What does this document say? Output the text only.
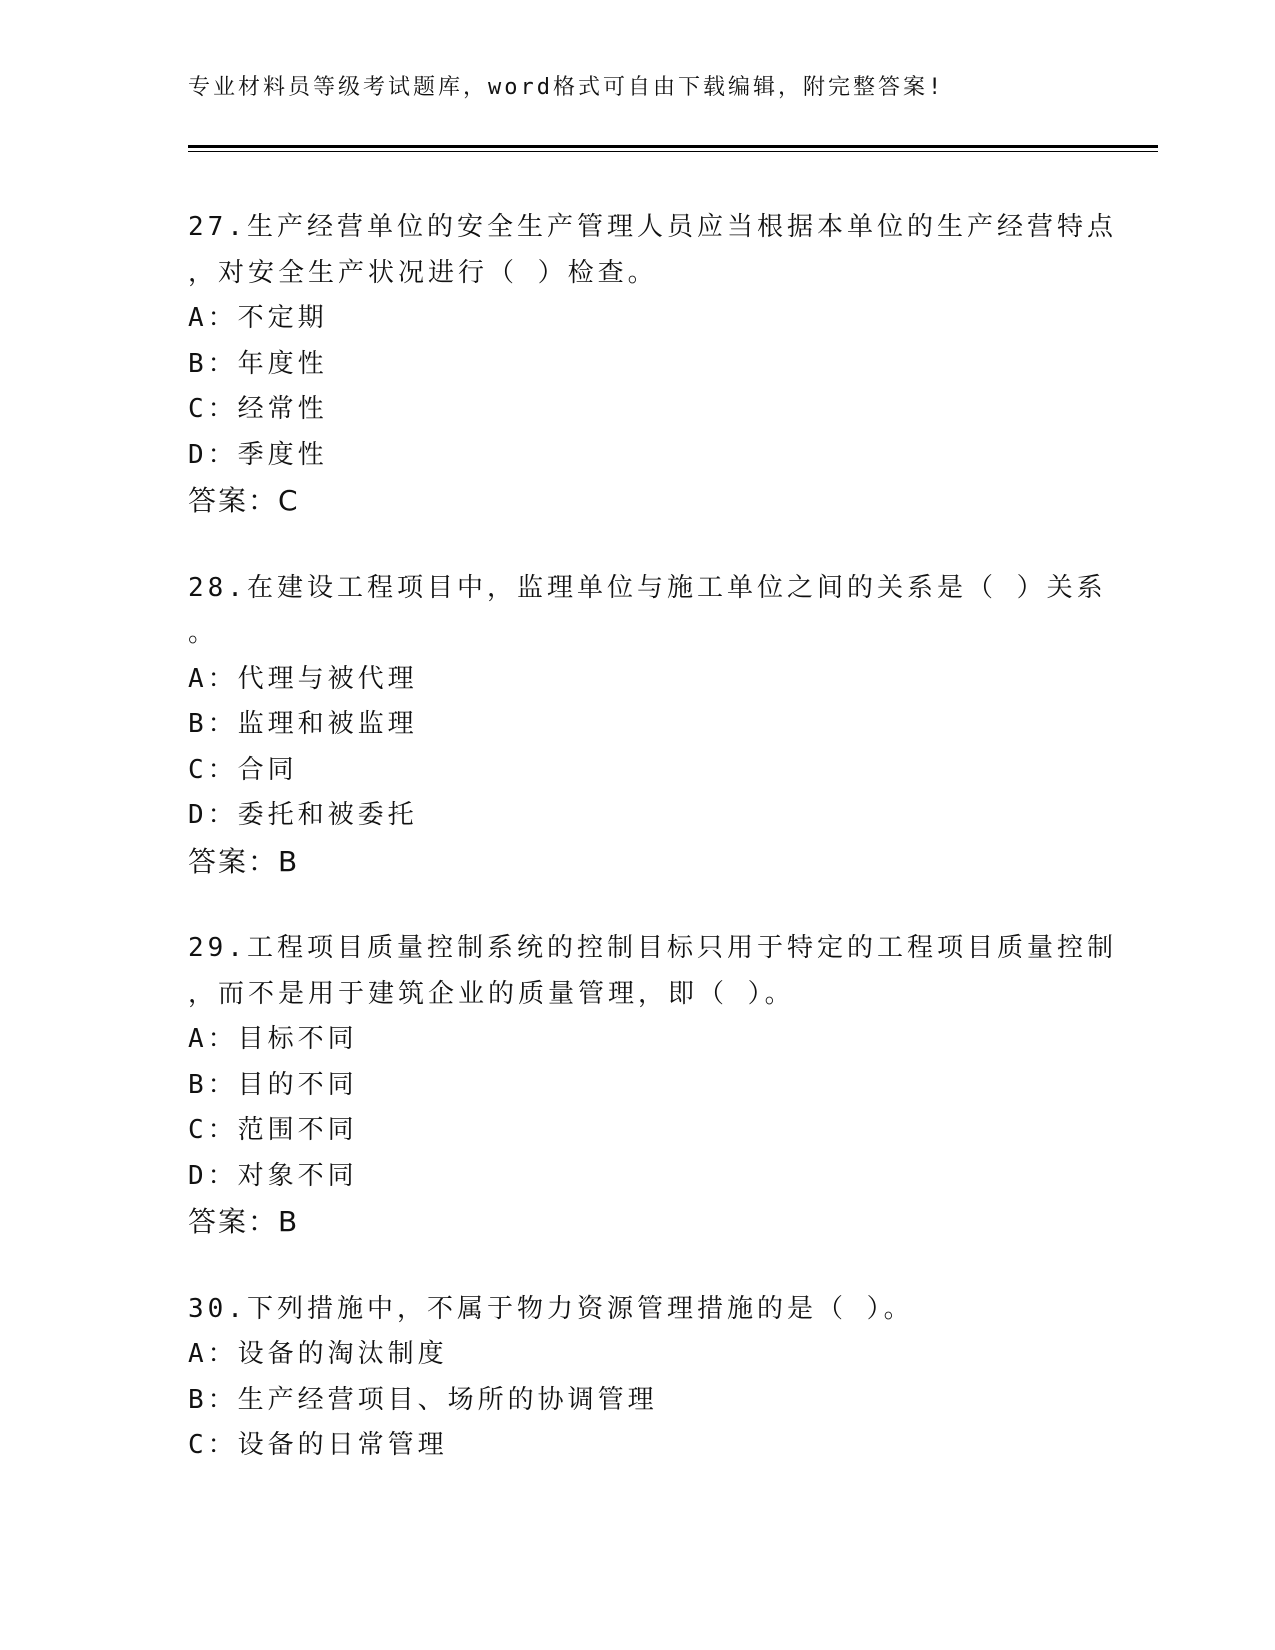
专业材料员等级考试题库，word格式可自由下载编辑，附完整答案!
27.生产经营单位的安全生产管理人员应当根据本单位的生产经营特点
，对安全生产状况进行（ ）检查。
A：不定期
B：年度性
C：经常性
D：季度性
答案：C
28.在建设工程项目中，监理单位与施工单位之间的关系是（ ）关系
。
A：代理与被代理
B：监理和被监理
C：合同
D：委托和被委托
答案：B
29.工程项目质量控制系统的控制目标只用于特定的工程项目质量控制
，而不是用于建筑企业的质量管理，即（ ）。
A：目标不同
B：目的不同
C：范围不同
D：对象不同
答案：B
30.下列措施中，不属于物力资源管理措施的是（ ）。
A：设备的淘汰制度
B：生产经营项目、场所的协调管理
C：设备的日常管理
